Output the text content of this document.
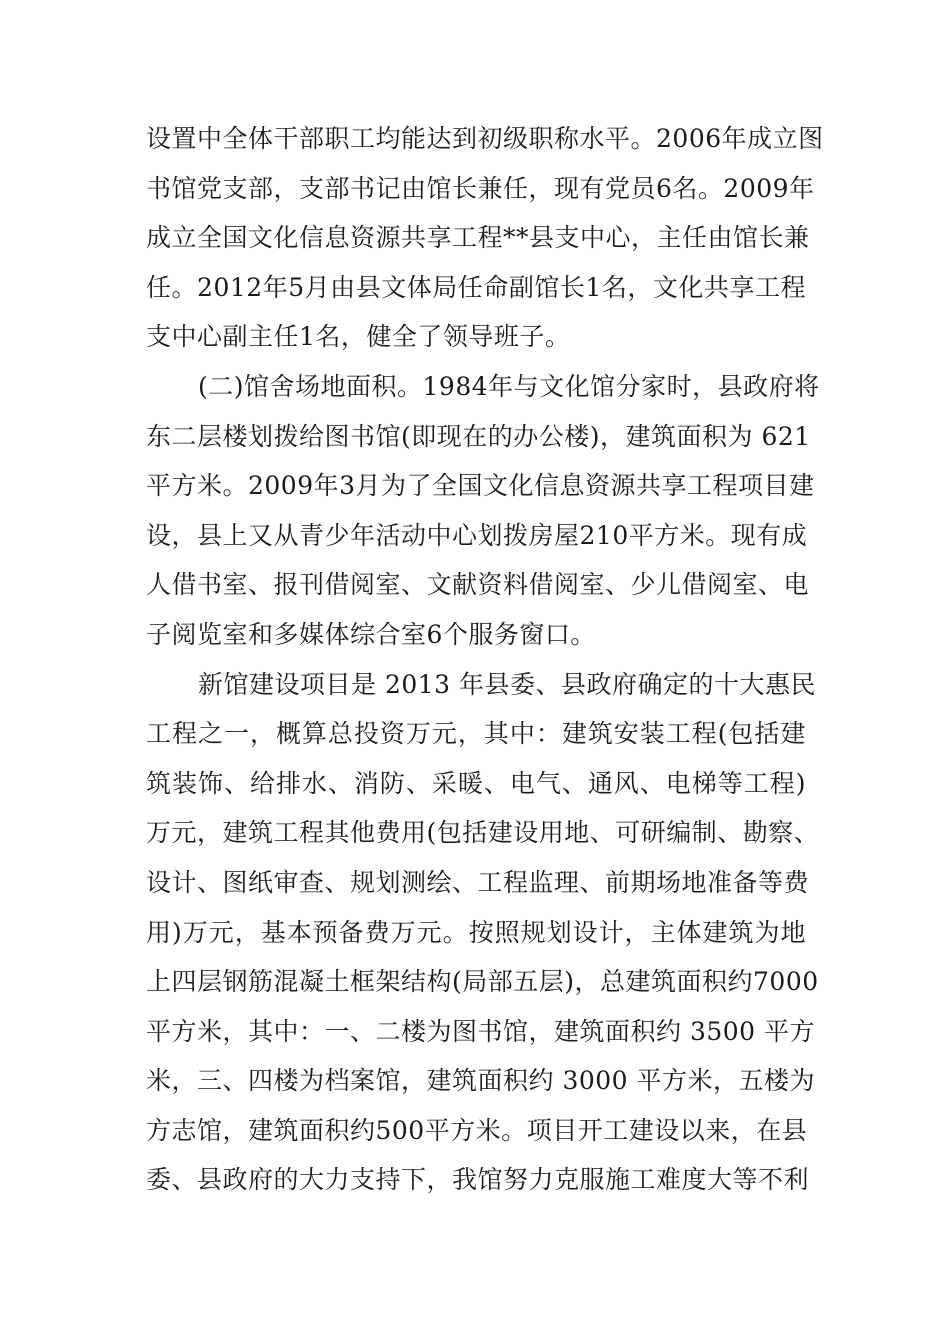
设置中全体干部职工均能达到初级职称水平。2006年成立图
书馆党支部，支部书记由馆长兼任，现有党员6名。2009年
成立全国文化信息资源共享工程**县支中心，主任由馆长兼
任。2012年5月由县文体局任命副馆长1名，文化共享工程
支中心副主任1名，健全了领导班子。
(二)馆舍场地面积。1984年与文化馆分家时，县政府将
东二层楼划拨给图书馆(即现在的办公楼)，建筑面积为 621
平方米。2009年3月为了全国文化信息资源共享工程项目建
设，县上又从青少年活动中心划拨房屋210平方米。现有成
人借书室、报刊借阅室、文献资料借阅室、少儿借阅室、电
子阅览室和多媒体综合室6个服务窗口。
新馆建设项目是 2013 年县委、县政府确定的十大惠民
工程之一，概算总投资万元，其中：建筑安装工程(包括建
筑装饰、给排水、消防、采暖、电气、通风、电梯等工程)
万元，建筑工程其他费用(包括建设用地、可研编制、勘察、
设计、图纸审查、规划测绘、工程监理、前期场地准备等费
用)万元，基本预备费万元。按照规划设计，主体建筑为地
上四层钢筋混凝土框架结构(局部五层)，总建筑面积约7000
平方米，其中：一、二楼为图书馆，建筑面积约 3500 平方
米，三、四楼为档案馆，建筑面积约 3000 平方米，五楼为
方志馆，建筑面积约500平方米。项目开工建设以来，在县
委、县政府的大力支持下，我馆努力克服施工难度大等不利
